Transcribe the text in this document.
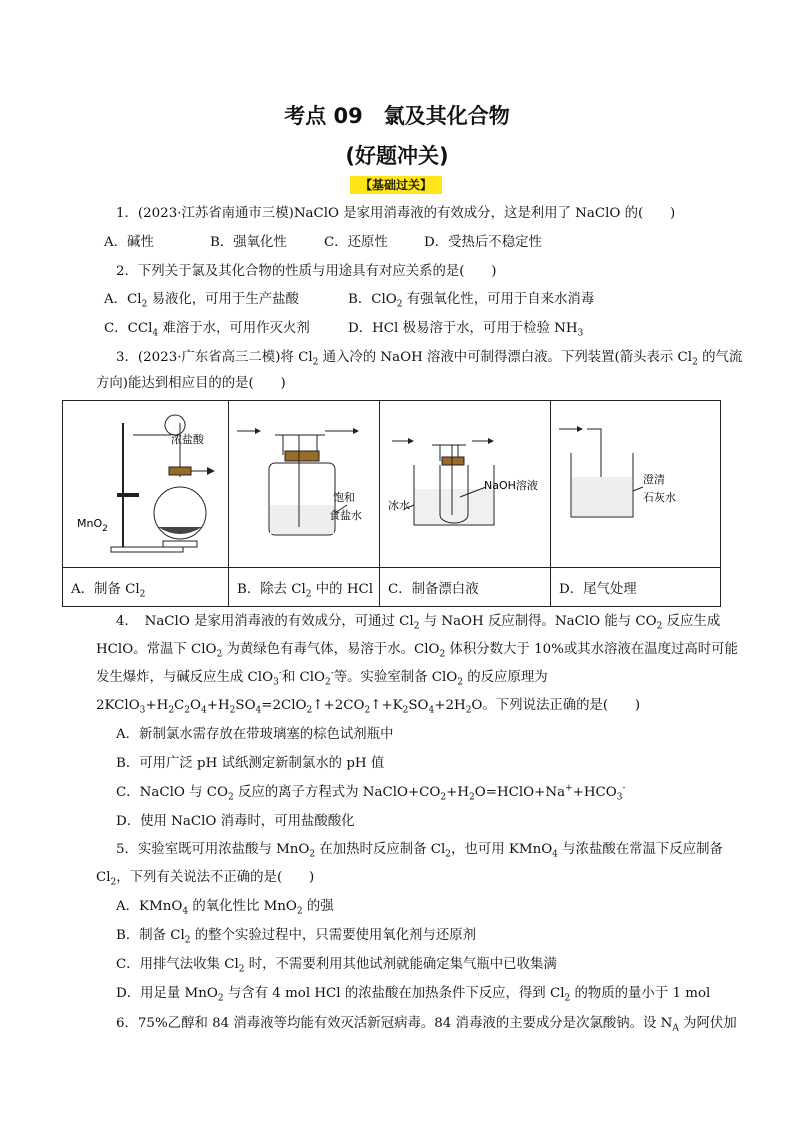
考点 09　氯及其化合物
(好题冲关)
【基础过关】
1．(2023·江苏省南通市三模)NaClO 是家用消毒液的有效成分，这是利用了 NaClO 的(　　)
A．碱性	B．强氧化性	C．还原性	D．受热后不稳定性
2．下列关于氯及其化合物的性质与用途具有对应关系的是(　　)
A．$Cl_2$ 易液化，可用于生产盐酸	B．ClO$_2$ 有强氧化性，可用于自来水消毒
C．CCl$_4$ 难溶于水，可用作灭火剂	D．HCl 极易溶于水，可用于检验 $NH_3$
3．(2023·广东省高三二模)将 $Cl_2$ 通入冷的 NaOH 溶液中可制得漂白液。下列装置(箭头表示 $Cl_2$ 的气流
方向)能达到相应目的的是(　　)
浓盐酸
MnO$_2$	饱和
食盐水	NaOH溶液
冰水	澄清
石灰水

A．制备 $Cl_2$	B．除去 $Cl_2$ 中的 HCl	C．制备漂白液	D．尾气处理
4．　NaClO 是家用消毒液的有效成分，可通过 $Cl_2$ 与 NaOH 反应制得。NaClO 能与 $CO_2$ 反应生成
HClO。常温下 ClO$_2$ 为黄绿色有毒气体，易溶于水。ClO$_2$ 体积分数大于 10%或其水溶液在温度过高时可能
发生爆炸，与碱反应生成 ClO$_3$-和 ClO$_2$-等。实验室制备 ClO$_2$ 的反应原理为
$2KClO_3+H_2C_2O_4+H_2SO_4=2ClO_2↑+2CO_2↑+K_2SO_4+2H_2O$。下列说法正确的是(　　)
A．新制氯水需存放在带玻璃塞的棕色试剂瓶中
B．可用广泛 pH 试纸测定新制氯水的 pH 值
C．NaClO 与 $CO_2$ 反应的离子方程式为 $NaClO+CO_2+H_2O=HClO+Na^++HCO_3^-$
D．使用 NaClO 消毒时，可用盐酸酸化
5．实验室既可用浓盐酸与 MnO$_2$ 在加热时反应制备 $Cl_2$，也可用 KMnO$_4$ 与浓盐酸在常温下反应制备
$Cl_2$，下列有关说法不正确的是(　　)
A．KMnO$_4$ 的氧化性比 MnO$_2$ 的强
B．制备 $Cl_2$ 的整个实验过程中，只需要使用氧化剂与还原剂
C．用排气法收集 $Cl_2$ 时，不需要利用其他试剂就能确定集气瓶中已收集满
D．用足量 MnO$_2$ 与含有 4 mol HCl 的浓盐酸在加热条件下反应，得到 $Cl_2$ 的物质的量小于 1 mol
6．75%乙醇和 84 消毒液等均能有效灭活新冠病毒。84 消毒液的主要成分是次氯酸钠。设 $N_A$ 为阿伏加
